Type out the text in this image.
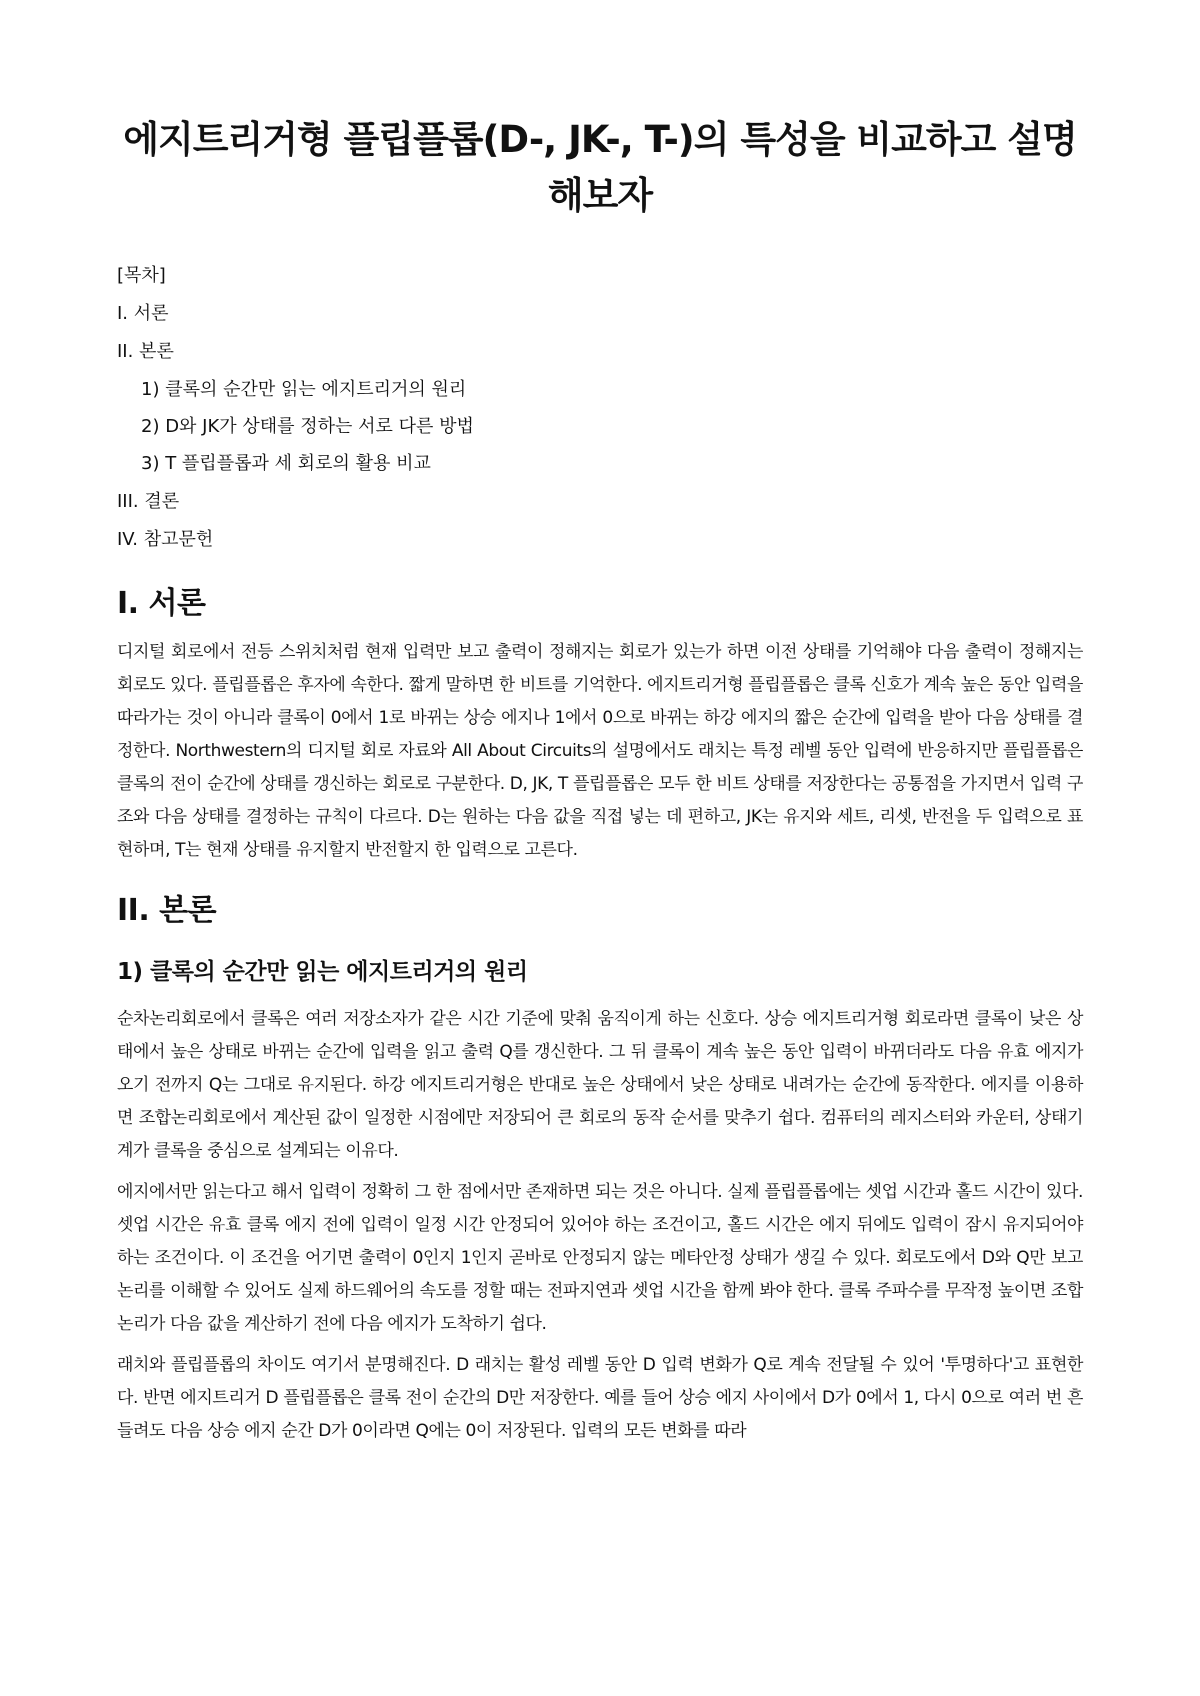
에지트리거형 플립플롭(D-, JK-, T-)의 특성을 비교하고 설명해보자
[목차]
I. 서론
II. 본론
1) 클록의 순간만 읽는 에지트리거의 원리
2) D와 JK가 상태를 정하는 서로 다른 방법
3) T 플립플롭과 세 회로의 활용 비교
III. 결론
IV. 참고문헌
I. 서론

디지털 회로에서 전등 스위치처럼 현재 입력만 보고 출력이 정해지는 회로가 있는가 하면 이전 상태를 기억해야 다음 출력이 정해지는 회로도 있다. 플립플롭은 후자에 속한다. 짧게 말하면 한 비트를 기억한다. 에지트리거형 플립플롭은 클록 신호가 계속 높은 동안 입력을 따라가는 것이 아니라 클록이 0에서 1로 바뀌는 상승 에지나 1에서 0으로 바뀌는 하강 에지의 짧은 순간에 입력을 받아 다음 상태를 결정한다. Northwestern의 디지털 회로 자료와 All About Circuits의 설명에서도 래치는 특정 레벨 동안 입력에 반응하지만 플립플롭은 클록의 전이 순간에 상태를 갱신하는 회로로 구분한다. D, JK, T 플립플롭은 모두 한 비트 상태를 저장한다는 공통점을 가지면서 입력 구조와 다음 상태를 결정하는 규칙이 다르다. D는 원하는 다음 값을 직접 넣는 데 편하고, JK는 유지와 세트, 리셋, 반전을 두 입력으로 표현하며, T는 현재 상태를 유지할지 반전할지 한 입력으로 고른다.

II. 본론
1) 클록의 순간만 읽는 에지트리거의 원리

순차논리회로에서 클록은 여러 저장소자가 같은 시간 기준에 맞춰 움직이게 하는 신호다. 상승 에지트리거형 회로라면 클록이 낮은 상태에서 높은 상태로 바뀌는 순간에 입력을 읽고 출력 Q를 갱신한다. 그 뒤 클록이 계속 높은 동안 입력이 바뀌더라도 다음 유효 에지가 오기 전까지 Q는 그대로 유지된다. 하강 에지트리거형은 반대로 높은 상태에서 낮은 상태로 내려가는 순간에 동작한다. 에지를 이용하면 조합논리회로에서 계산된 값이 일정한 시점에만 저장되어 큰 회로의 동작 순서를 맞추기 쉽다. 컴퓨터의 레지스터와 카운터, 상태기계가 클록을 중심으로 설계되는 이유다.

에지에서만 읽는다고 해서 입력이 정확히 그 한 점에서만 존재하면 되는 것은 아니다. 실제 플립플롭에는 셋업 시간과 홀드 시간이 있다. 셋업 시간은 유효 클록 에지 전에 입력이 일정 시간 안정되어 있어야 하는 조건이고, 홀드 시간은 에지 뒤에도 입력이 잠시 유지되어야 하는 조건이다. 이 조건을 어기면 출력이 0인지 1인지 곧바로 안정되지 않는 메타안정 상태가 생길 수 있다. 회로도에서 D와 Q만 보고 논리를 이해할 수 있어도 실제 하드웨어의 속도를 정할 때는 전파지연과 셋업 시간을 함께 봐야 한다. 클록 주파수를 무작정 높이면 조합논리가 다음 값을 계산하기 전에 다음 에지가 도착하기 쉽다.

래치와 플립플롭의 차이도 여기서 분명해진다. D 래치는 활성 레벨 동안 D 입력 변화가 Q로 계속 전달될 수 있어 '투명하다'고 표현한다. 반면 에지트리거 D 플립플롭은 클록 전이 순간의 D만 저장한다. 예를 들어 상승 에지 사이에서 D가 0에서 1, 다시 0으로 여러 번 흔들려도 다음 상승 에지 순간 D가 0이라면 Q에는 0이 저장된다. 입력의 모든 변화를 따라
